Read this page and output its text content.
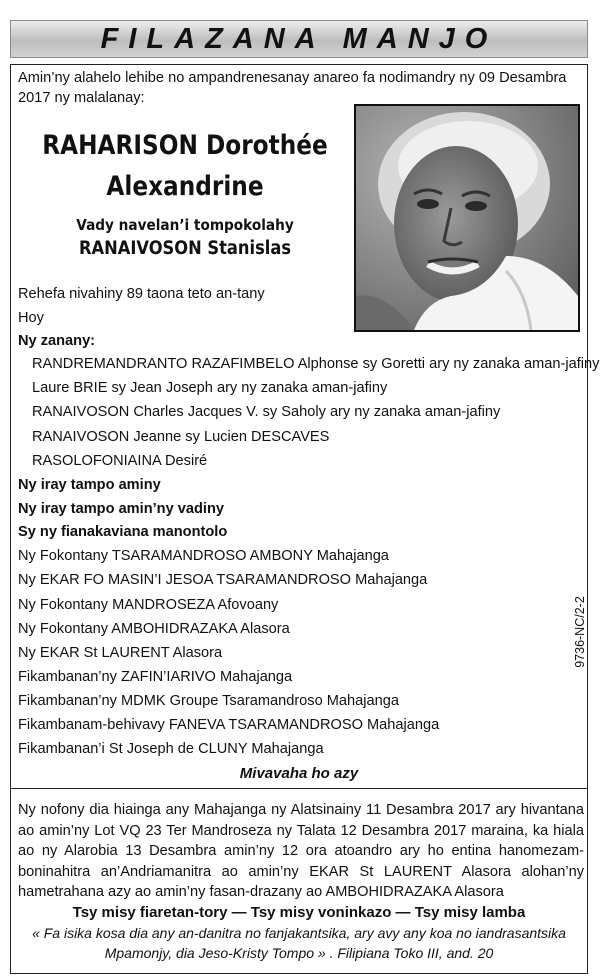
FILAZANA MANJO
Amin’ny alahelo lehibe no ampandrenesanay anareo fa nodimandry ny 09 Desambra 2017 ny malalanay:
RAHARISON Dorothée
Alexandrine
Vady navelan’i tompokolahy
RANAIVOSON Stanislas
Rehefa nivahiny 89 taona teto an-tany
Hoy
Ny zanany:
RANDREMANDRANTO RAZAFIMBELO Alphonse sy Goretti ary ny zanaka aman-jafiny
Laure BRIE sy Jean Joseph ary ny zanaka aman-jafiny
RANAIVOSON Charles Jacques V. sy Saholy ary ny zanaka aman-jafiny
RANAIVOSON Jeanne sy Lucien DESCAVES
RASOLOFONIAINA Desiré
Ny iray tampo aminy
Ny iray tampo amin’ny vadiny
Sy ny fianakaviana manontolo
Ny Fokontany TSARAMANDROSO AMBONY Mahajanga
Ny EKAR FO MASIN’I JESOA TSARAMANDROSO Mahajanga
Ny Fokontany MANDROSEZA Afovoany
Ny Fokontany AMBOHIDRAZAKA Alasora
Ny EKAR St LAURENT Alasora
Fikambanan’ny ZAFIN’IARIVO Mahajanga
Fikambanan’ny MDMK Groupe Tsaramandroso Mahajanga
Fikambanam-behivavy FANEVA TSARAMANDROSO Mahajanga
Fikambanan’i St Joseph de CLUNY Mahajanga
Mivavaha ho azy
9736-NC/2-2
Ny nofony dia hiainga any Mahajanga ny Alatsinainy 11 Desambra 2017 ary hivantana ao amin’ny Lot VQ 23 Ter Mandroseza ny Talata 12 Desambra 2017 maraina, ka hiala ao ny Alarobia 13 Desambra amin’ny 12 ora atoandro ary ho entina hanomezam-boninahitra an’Andriamanitra ao amin’ny EKAR St LAURENT Alasora alohan’ny hametrahana azy ao amin’ny fasan-drazany ao AMBOHIDRAZAKA Alasora
Tsy misy fiaretan-tory — Tsy misy voninkazo — Tsy misy lamba
« Fa isika kosa dia any an-danitra no fanjakantsika, ary avy any koa no iandrasantsika
Mpamonjy, dia Jeso-Kristy Tompo » . Filipiana Toko III, and. 20
